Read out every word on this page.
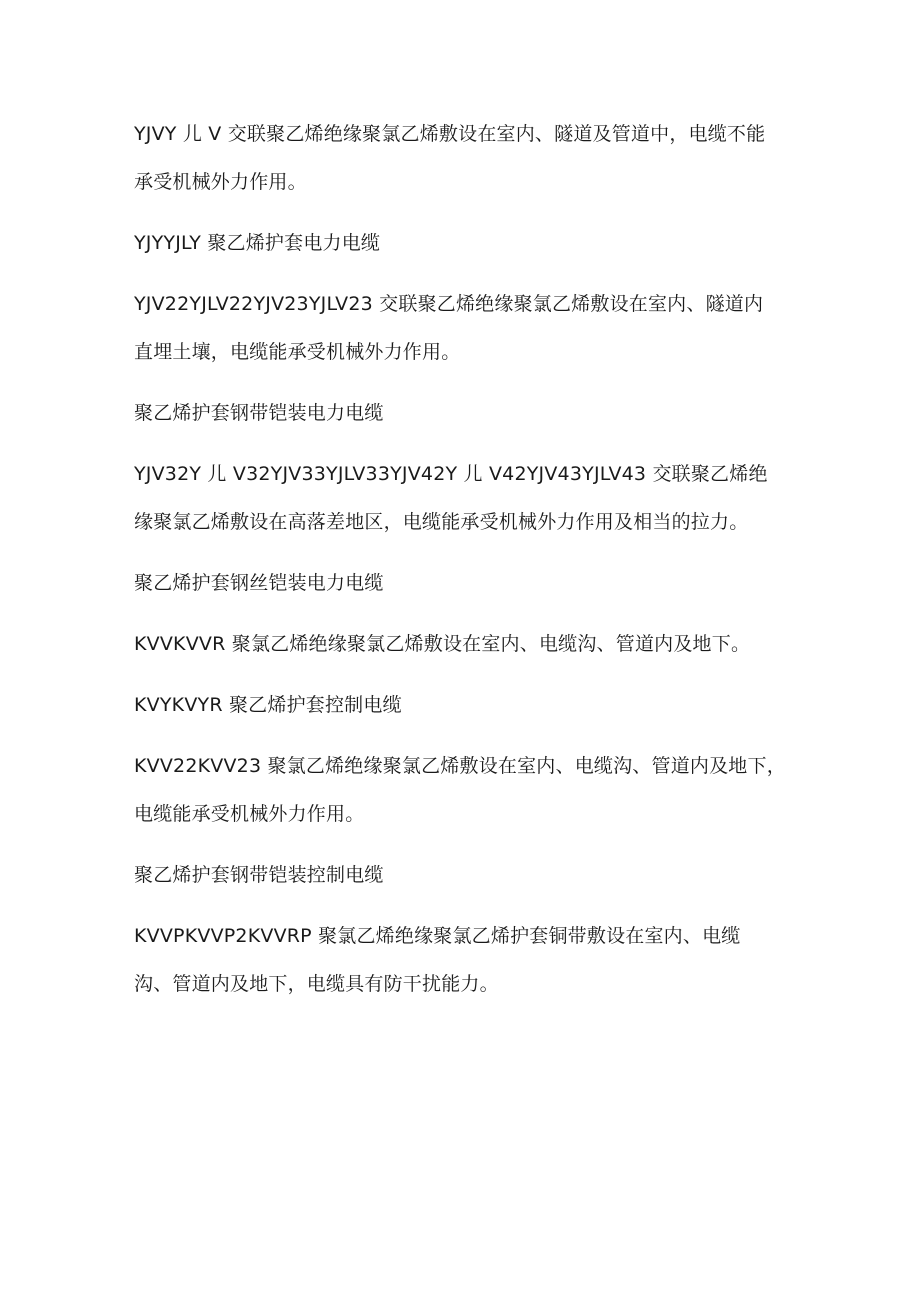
YJVY 儿 V 交联聚乙烯绝缘聚氯乙烯敷设在室内、隧道及管道中，电缆不能
承受机械外力作用。

YJYYJLY 聚乙烯护套电力电缆

YJV22YJLV22YJV23YJLV23 交联聚乙烯绝缘聚氯乙烯敷设在室内、隧道内
直埋土壤，电缆能承受机械外力作用。

聚乙烯护套钢带铠装电力电缆

YJV32Y 儿 V32YJV33YJLV33YJV42Y 儿 V42YJV43YJLV43 交联聚乙烯绝
缘聚氯乙烯敷设在高落差地区，电缆能承受机械外力作用及相当的拉力。

聚乙烯护套钢丝铠装电力电缆

KVVKVVR 聚氯乙烯绝缘聚氯乙烯敷设在室内、电缆沟、管道内及地下。

KVYKVYR 聚乙烯护套控制电缆

KVV22KVV23 聚氯乙烯绝缘聚氯乙烯敷设在室内、电缆沟、管道内及地下，
电缆能承受机械外力作用。

聚乙烯护套钢带铠装控制电缆

KVVPKVVP2KVVRP 聚氯乙烯绝缘聚氯乙烯护套铜带敷设在室内、电缆
沟、管道内及地下，电缆具有防干扰能力。
